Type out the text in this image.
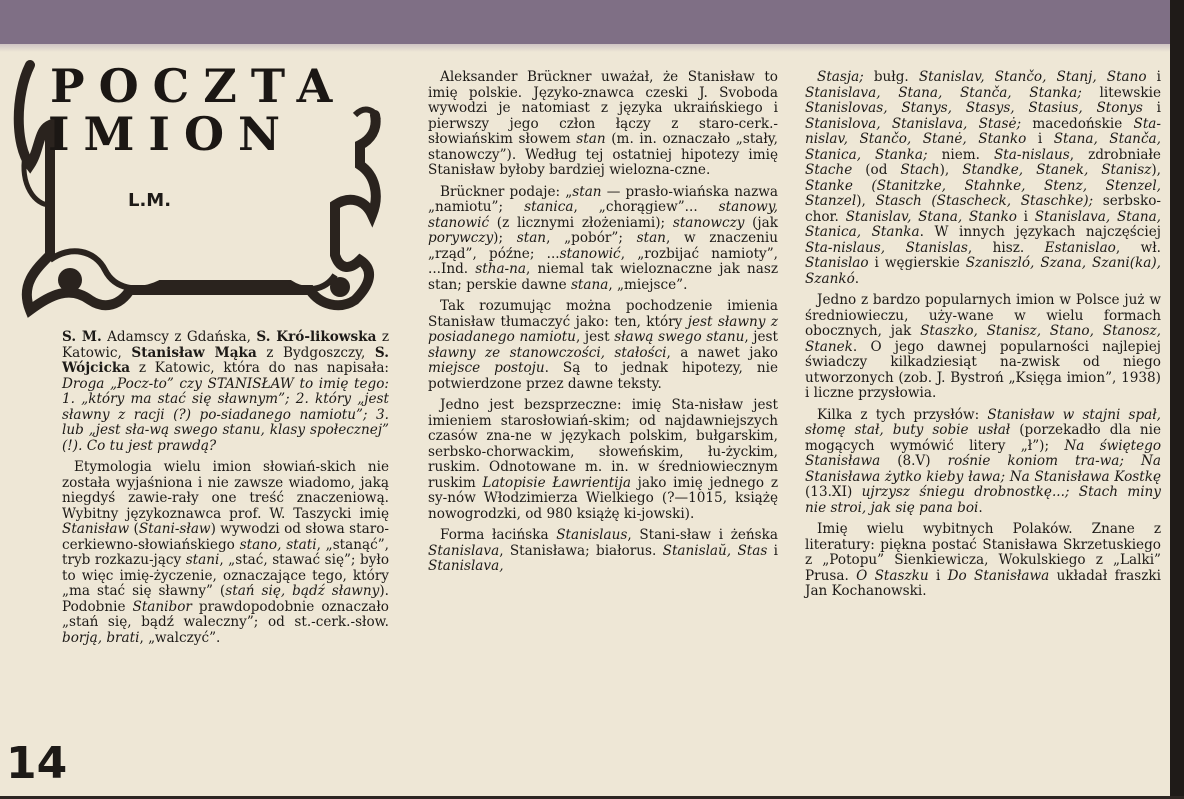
POCZTA
IMION
L.M.

S. M. Adamscy z Gdańska, S. Kró-likowska z Katowic, Stanisław Mąka z Bydgoszczy, S. Wójcicka z Katowic, która do nas napisała: Droga „Pocz-to” czy STANISŁAW to imię tego: 1. „który ma stać się sławnym”; 2. który „jest sławny z racji (?) po-siadanego namiotu”; 3. lub „jest sła-wą swego stanu, klasy społecznej” (!). Co tu jest prawdą?

Etymologia wielu imion słowiań-skich nie została wyjaśniona i nie zawsze wiadomo, jaką niegdyś zawie-rały one treść znaczeniową. Wybitny językoznawca prof. W. Taszycki imię Stanisław (Stani-sław) wywodzi od słowa staro-cerkiewno-słowiańskiego stano, stati, „stanąć”, tryb rozkazu-jący stani, „stać, stawać się”; było to więc imię-życzenie, oznaczające tego, który „ma stać się sławny” (stań się, bądź sławny). Podobnie Stanibor prawdopodobnie oznaczało „stań się, bądź waleczny”; od st.-cerk.-słow. borją, brati, „walczyć”.

Aleksander Brückner uważał, że Stanisław to imię polskie. Języko-znawca czeski J. Svoboda wywodzi je natomiast z języka ukraińskiego i pierwszy jego człon łączy z staro-cerk.-słowiańskim słowem stan (m. in. oznaczało „stały, stanowczy”). Według tej ostatniej hipotezy imię Stanisław byłoby bardziej wieloznа-czne.

Brückner podaje: „stan — prasło-wiańska nazwa „namiotu”; stanica, „chorągiew”... stanowy, stanowić (z licznymi złożeniami); stanowczy (jak porywczy); stan, „pobór”; stan, w znaczeniu „rząd”, późne; ...stanowić, „rozbijać namioty”, ...Ind. stha-na, niemal tak wieloznaczne jak nasz stan; perskie dawne stana, „miejsce”.

Tak rozumując można pochodzenie imienia Stanisław tłumaczyć jako: ten, który jest sławny z posiadanego namiotu, jest sławą swego stanu, jest sławny ze stanowczości, stałości, a nawet jako miejsce postoju. Są to jednak hipotezy, nie potwierdzone przez dawne teksty.

Jedno jest bezsprzeczne: imię Sta-nisław jest imieniem starosłowiań-skim; od najdawniejszych czasów zna-ne w językach polskim, bułgarskim, serbsko-chorwackim, słoweńskim, łu-życkim, ruskim. Odnotowane m. in. w średniowiecznym ruskim Latopisie Ławrientija jako imię jednego z sy-nów Włodzimierza Wielkiego (?—1015, książę nowogrodzki, od 980 książę ki-jowski).

Forma łacińska Stanislaus, Stani-sław i żeńska Stanislava, Stanisława; białorus. Stanislaŭ, Stas i Stanislava,

Stasja; bułg. Stanislav, Stančo, Stanj, Stano i Stanislava, Stana, Stanča, Stanka; litewskie Stanislovas, Stanys, Stasys, Stasius, Stonys i Stanislova, Stanislava, Stasė; macedońskie Sta-nislav, Stančo, Stanė, Stanko i Stana, Stanča, Stanica, Stanka; niem. Sta-nislaus, zdrobniałe Stache (od Stach), Standke, Stanek, Stanisz), Stanke (Stanitzke, Stahnke, Stenz, Stenzel, Stanzel), Stasch (Stascheck, Staschke); serbsko-chor. Stanislav, Stana, Stanko i Stanislava, Stana, Stanica, Stanka. W innych językach najczęściej Sta-nislaus, Stanislas, hisz. Estanislao, wł. Stanislao i węgierskie Szaniszló, Szana, Szani(ka), Szankó.

Jedno z bardzo popularnych imion w Polsce już w średniowieczu, uży-wane w wielu formach obocznych, jak Staszko, Stanisz, Stano, Stanosz, Stanek. O jego dawnej popularności najlepiej świadczy kilkadziesiąt na-zwisk od niego utworzonych (zob. J. Bystroń „Księga imion”, 1938) i liczne przysłowia.

Kilka z tych przysłów: Stanisław w stajni spał, słomę stał, buty sobie usłał (porzekadło dla nie mogących wymówić litery „ł”); Na świętego Stanisława (8.V) rośnie koniom tra-wa; Na Stanisława żytko kiebу ława; Na Stanisława Kostkę (13.XI) ujrzysz śniegu drobnostkę...; Stach miny nie stroi, jak się pana boi.

Imię wielu wybitnych Polaków. Znane z literatury: piękna postać Stanisława Skrzetuskiego z „Potopu” Sienkiewicza, Wokulskiego z „Lalki” Prusa. O Staszku i Do Stanisława układał fraszki Jan Kochanowski.

14
